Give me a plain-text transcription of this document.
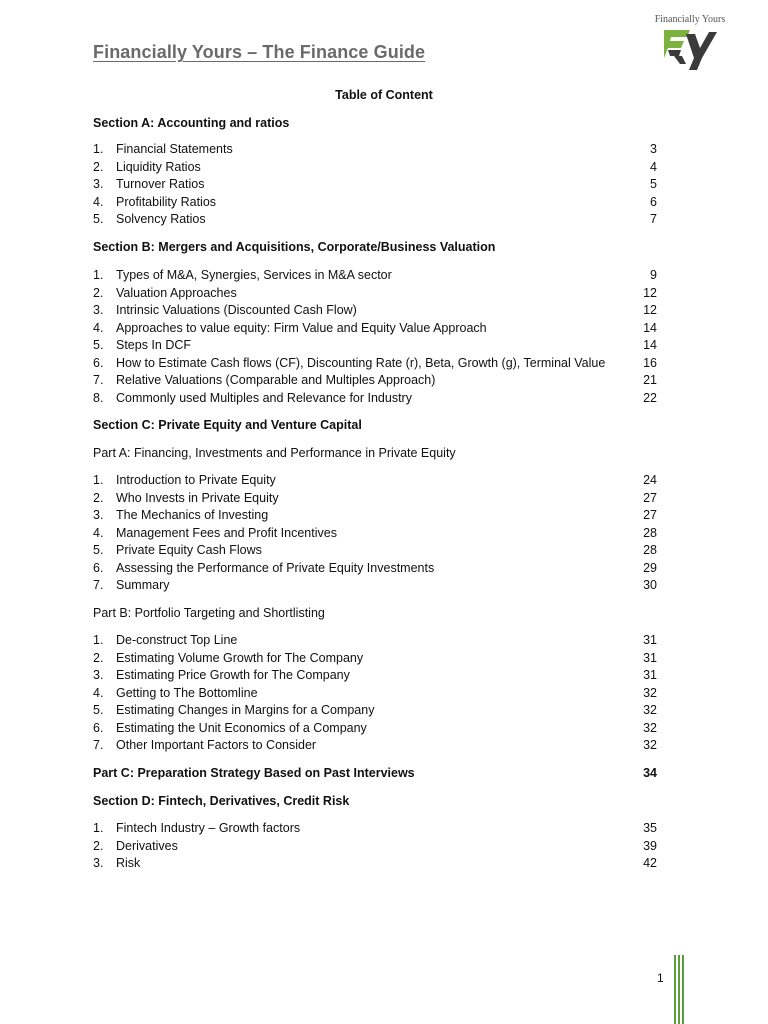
Financially Yours – The Finance Guide
Financially Yours
Table of Content
Section A: Accounting and ratios
1. Financial Statements	3
2. Liquidity Ratios	4
3. Turnover Ratios	5
4. Profitability Ratios	6
5. Solvency Ratios	7
Section B: Mergers and Acquisitions, Corporate/Business Valuation
1. Types of M&A, Synergies, Services in M&A sector	9
2. Valuation Approaches	12
3. Intrinsic Valuations (Discounted Cash Flow)	12
4. Approaches to value equity: Firm Value and Equity Value Approach	14
5. Steps In DCF	14
6. How to Estimate Cash flows (CF), Discounting Rate (r), Beta, Growth (g), Terminal Value	16
7. Relative Valuations (Comparable and Multiples Approach)	21
8. Commonly used Multiples and Relevance for Industry	22
Section C: Private Equity and Venture Capital
Part A: Financing, Investments and Performance in Private Equity
1. Introduction to Private Equity	24
2. Who Invests in Private Equity	27
3. The Mechanics of Investing	27
4. Management Fees and Profit Incentives	28
5. Private Equity Cash Flows	28
6. Assessing the Performance of Private Equity Investments	29
7. Summary	30
Part B: Portfolio Targeting and Shortlisting
1. De-construct Top Line	31
2. Estimating Volume Growth for The Company	31
3. Estimating Price Growth for The Company	31
4. Getting to The Bottomline	32
5. Estimating Changes in Margins for a Company	32
6. Estimating the Unit Economics of a Company	32
7. Other Important Factors to Consider	32
Part C: Preparation Strategy Based on Past Interviews	34
Section D: Fintech, Derivatives, Credit Risk
1. Fintech Industry – Growth factors	35
2. Derivatives	39
3. Risk	42
1
